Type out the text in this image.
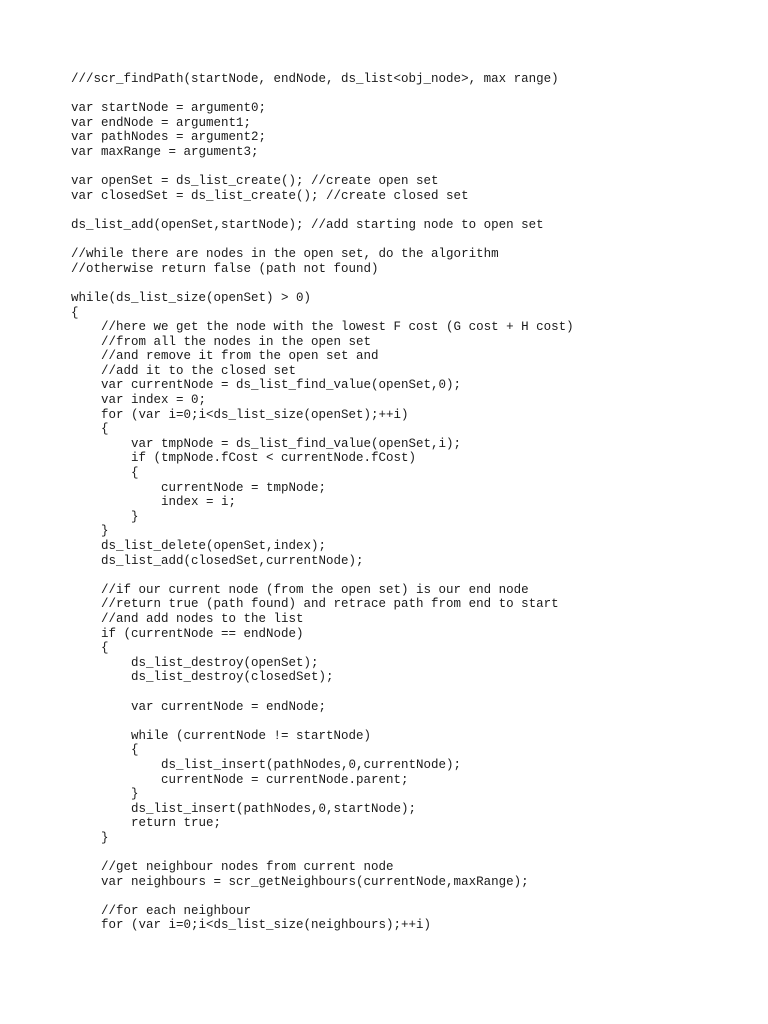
///scr_findPath(startNode, endNode, ds_list<obj_node>, max range)
var startNode = argument0;
var endNode = argument1;
var pathNodes = argument2;
var maxRange = argument3;
var openSet = ds_list_create(); //create open set
var closedSet = ds_list_create(); //create closed set
ds_list_add(openSet,startNode); //add starting node to open set
//while there are nodes in the open set, do the algorithm
//otherwise return false (path not found)
while(ds_list_size(openSet) > 0)
{
//here we get the node with the lowest F cost (G cost + H cost)
//from all the nodes in the open set
//and remove it from the open set and
//add it to the closed set
var currentNode = ds_list_find_value(openSet,0);
var index = 0;
for (var i=0;i<ds_list_size(openSet);++i)
{
var tmpNode = ds_list_find_value(openSet,i);
if (tmpNode.fCost < currentNode.fCost)
{
currentNode = tmpNode;
index = i;
}
}
ds_list_delete(openSet,index);
ds_list_add(closedSet,currentNode);
//if our current node (from the open set) is our end node
//return true (path found) and retrace path from end to start
//and add nodes to the list
if (currentNode == endNode)
{
ds_list_destroy(openSet);
ds_list_destroy(closedSet);
var currentNode = endNode;
while (currentNode != startNode)
{
ds_list_insert(pathNodes,0,currentNode);
currentNode = currentNode.parent;
}
ds_list_insert(pathNodes,0,startNode);
return true;
}
//get neighbour nodes from current node
var neighbours = scr_getNeighbours(currentNode,maxRange);
//for each neighbour
for (var i=0;i<ds_list_size(neighbours);++i)
